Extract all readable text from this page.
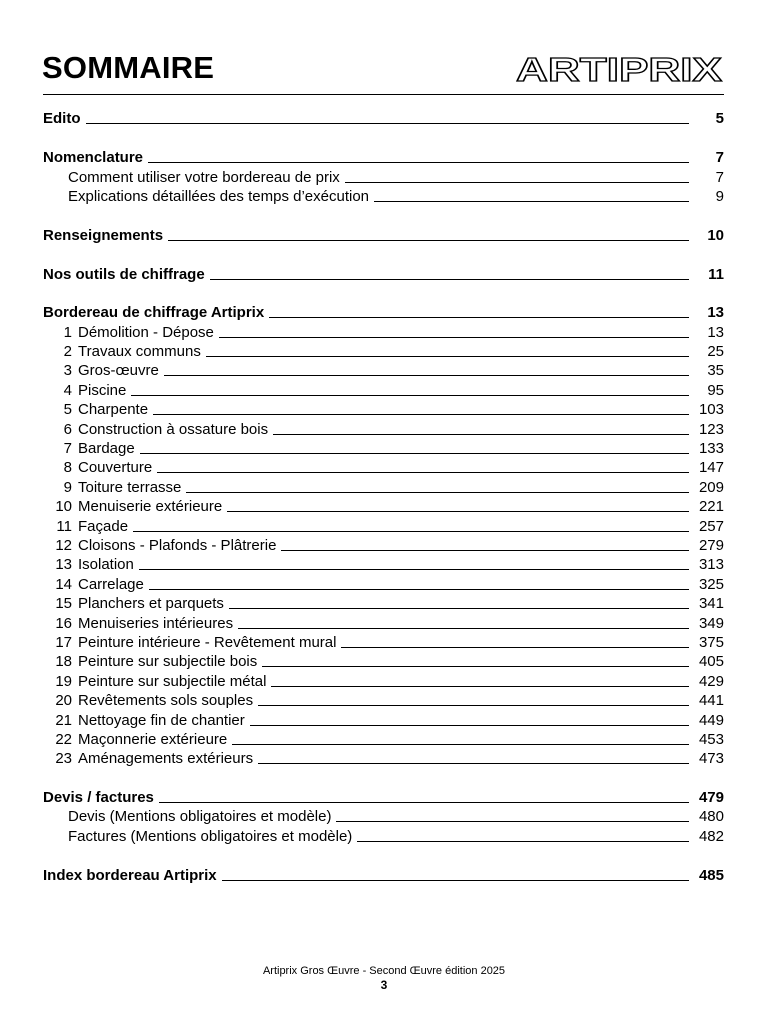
SOMMAIRE	ARTIPRIX
Edito	5
Nomenclature	7
Comment utiliser votre bordereau de prix	7
Explications détaillées des temps d’exécution	9
Renseignements	10
Nos outils de chiffrage	11
Bordereau de chiffrage Artiprix	13
1 Démolition - Dépose	13
2 Travaux communs	25
3 Gros-œuvre	35
4 Piscine	95
5 Charpente	103
6 Construction à ossature bois	123
7 Bardage	133
8 Couverture	147
9 Toiture terrasse	209
10 Menuiserie extérieure	221
11 Façade	257
12 Cloisons - Plafonds - Plâtrerie	279
13 Isolation	313
14 Carrelage	325
15 Planchers et parquets	341
16 Menuiseries intérieures	349
17 Peinture intérieure - Revêtement mural	375
18 Peinture sur subjectile bois	405
19 Peinture sur subjectile métal	429
20 Revêtements sols souples	441
21 Nettoyage fin de chantier	449
22 Maçonnerie extérieure	453
23 Aménagements extérieurs	473
Devis / factures	479
Devis (Mentions obligatoires et modèle)	480
Factures (Mentions obligatoires et modèle)	482
Index bordereau Artiprix	485
Artiprix Gros Œuvre - Second Œuvre édition 2025
3
